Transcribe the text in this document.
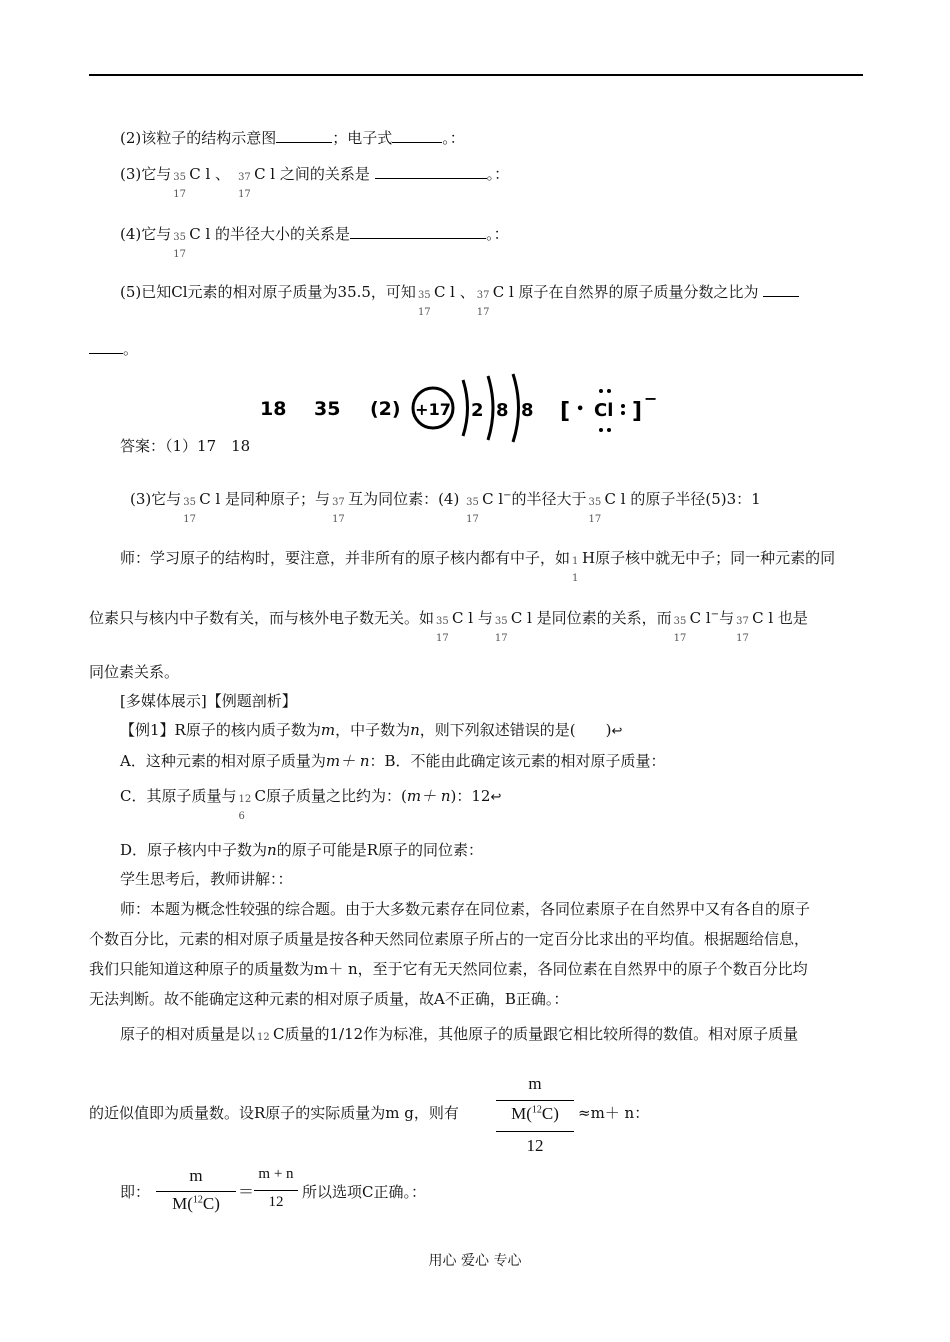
(2)该粒子的结构示意图	；电子式	。：
(3)它与 35
17
C l 、 37
17
C l 之间的关系是	。：
(4)它与 35
17
C l 的半径大小的关系是	。：
(5)已知Cl元素的相对原子质量为35.5，可知 35
17
C l 、 37
17
C l 原子在自然界的原子质量分数之比为
。
18 35 (2) +17 2 8 8 [ • Cl ]
−
答案：（1）17　18
(3)它与 35
17
C l 是同种原子；与 37
17
互为同位素：(4) 35
17
C l−的半径大于 35
17
C l 的原子半径(5)3：1
师：学习原子的结构时，要注意，并非所有的原子核内都有中子，如 1
1
H原子核中就无中子；同一种元素的同
位素只与核内中子数有关，而与核外电子数无关。如 35
17
C l 与 35
17
C l 是同位素的关系，而 35
17
C l−与 37
17
C l 也是
同位素关系。
[多媒体展示]【例题剖析】
【例1】R原子的核内质子数为m，中子数为n，则下列叙述错误的是(　　)↩
A．这种元素的相对原子质量为m＋ n：B．不能由此确定该元素的相对原子质量：
C．其原子质量与 12
6
C原子质量之比约为：(m＋ n)：12↩
D．原子核内中子数为n的原子可能是R原子的同位素：
学生思考后，教师讲解：：
师：本题为概念性较强的综合题。由于大多数元素存在同位素，各同位素原子在自然界中又有各自的原子
个数百分比，元素的相对原子质量是按各种天然同位素原子所占的一定百分比求出的平均值。根据题给信息，
我们只能知道这种原子的质量数为m＋ n，至于它有无天然同位素，各同位素在自然界中的原子个数百分比均
无法判断。故不能确定这种元素的相对原子质量，故A不正确，B正确。：
原子的相对质量是以 12 C质量的1/12作为标准，其他原子的质量跟它相比较所得的数值。相对原子质量
的近似值即为质量数。设R原子的实际质量为m g，则有
m
M($^{12}$C)
12
≈m＋ n：
即：
m
M($^{12}$C)
＝
m + n
12
所以选项C正确。：
用心 爱心 专心
